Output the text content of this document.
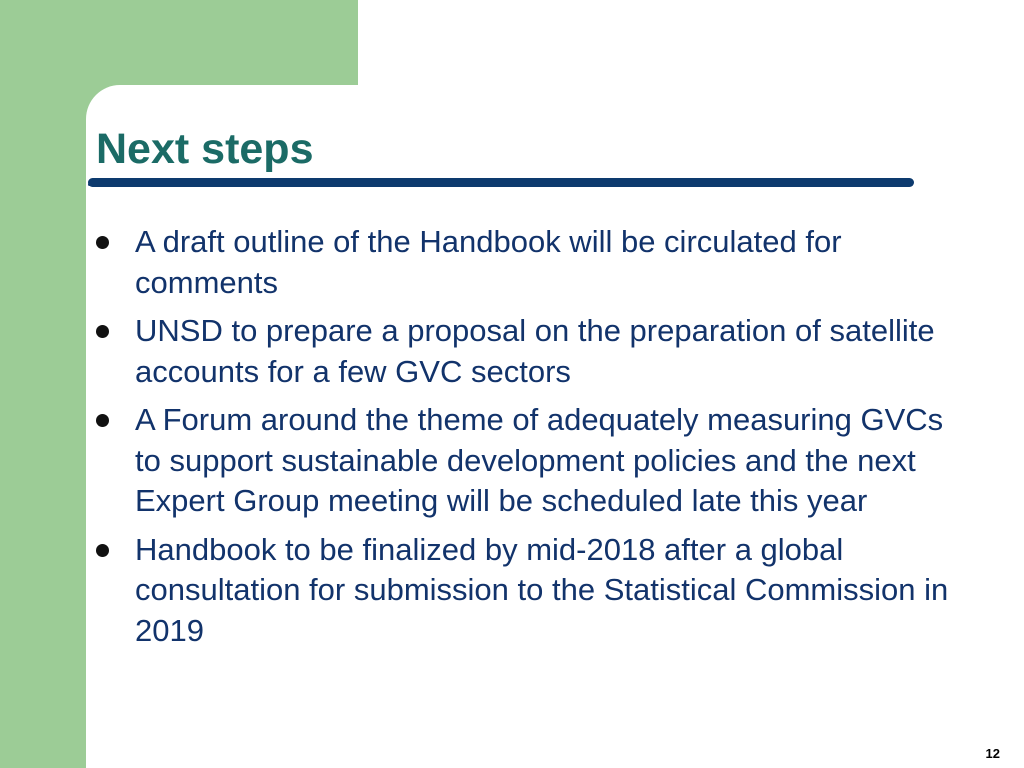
Next steps
A draft outline of the Handbook will be circulated for comments
UNSD to prepare a proposal on the preparation of satellite accounts for a few GVC sectors
A Forum around the theme of adequately measuring GVCs to support sustainable development policies and the next Expert Group meeting will be scheduled late this year
Handbook to be finalized by mid-2018 after a global consultation for submission to the Statistical Commission in 2019
12
